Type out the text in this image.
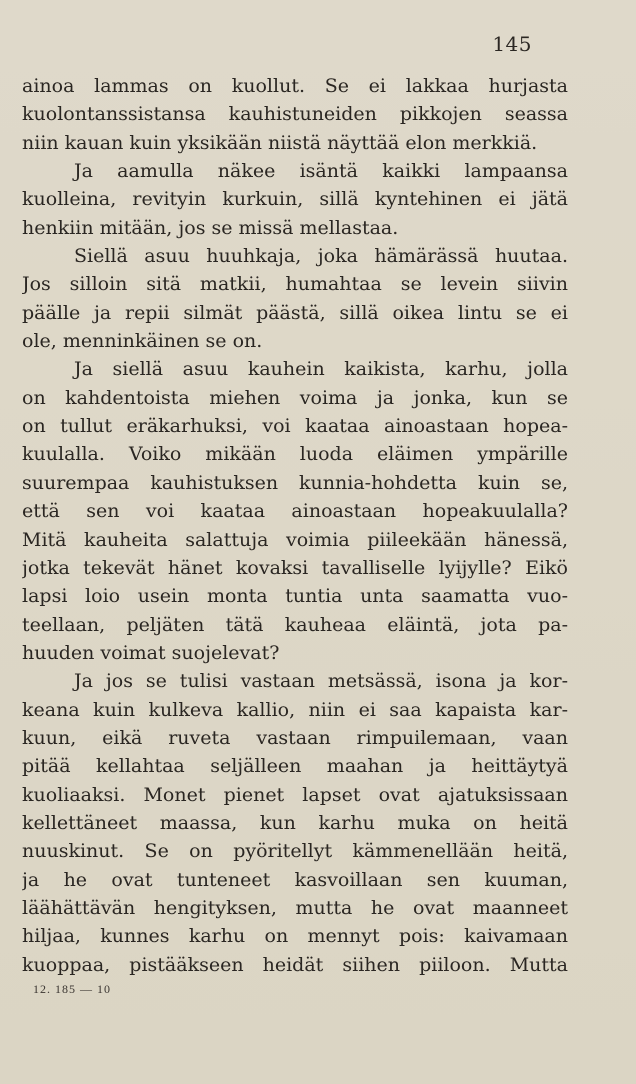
145
ainoa lammas on kuollut. Se ei lakkaa hurjasta
kuolontanssistansa kauhistuneiden pikkojen seassa
niin kauan kuin yksikään niistä näyttää elon merkkiä.
Ja aamulla näkee isäntä kaikki lampaansa
kuolleina, revityin kurkuin, sillä kyntehinen ei jätä
henkiin mitään, jos se missä mellastaa.
Siellä asuu huuhkaja, joka hämärässä huutaa.
Jos silloin sitä matkii, humahtaa se levein siivin
päälle ja repii silmät päästä, sillä oikea lintu se ei
ole, menninkäinen se on.
Ja siellä asuu kauhein kaikista, karhu, jolla
on kahdentoista miehen voima ja jonka, kun se
on tullut eräkarhuksi, voi kaataa ainoastaan hopea-
kuulalla. Voiko mikään luoda eläimen ympärille
suurempaa kauhistuksen kunnia-hohdetta kuin se,
että sen voi kaataa ainoastaan hopeakuulalla?
Mitä kauheita salattuja voimia piileekään hänessä,
jotka tekevät hänet kovaksi tavalliselle lyijylle? Eikö
lapsi loio usein monta tuntia unta saamatta vuo-
teellaan, peljäten tätä kauheaa eläintä, jota pa-
huuden voimat suojelevat?
Ja jos se tulisi vastaan metsässä, isona ja kor-
keana kuin kulkeva kallio, niin ei saa kapaista kar-
kuun, eikä ruveta vastaan rimpuilemaan, vaan
pitää kellahtaa seljälleen maahan ja heittäytyä
kuoliaaksi. Monet pienet lapset ovat ajatuksissaan
kellettäneet maassa, kun karhu muka on heitä
nuuskinut. Se on pyöritellyt kämmenellään heitä,
ja he ovat tunteneet kasvoillaan sen kuuman,
läähättävän hengityksen, mutta he ovat maanneet
hiljaa, kunnes karhu on mennyt pois: kaivamaan
kuoppaa, pistääkseen heidät siihen piiloon. Mutta
12. 185 — 10
